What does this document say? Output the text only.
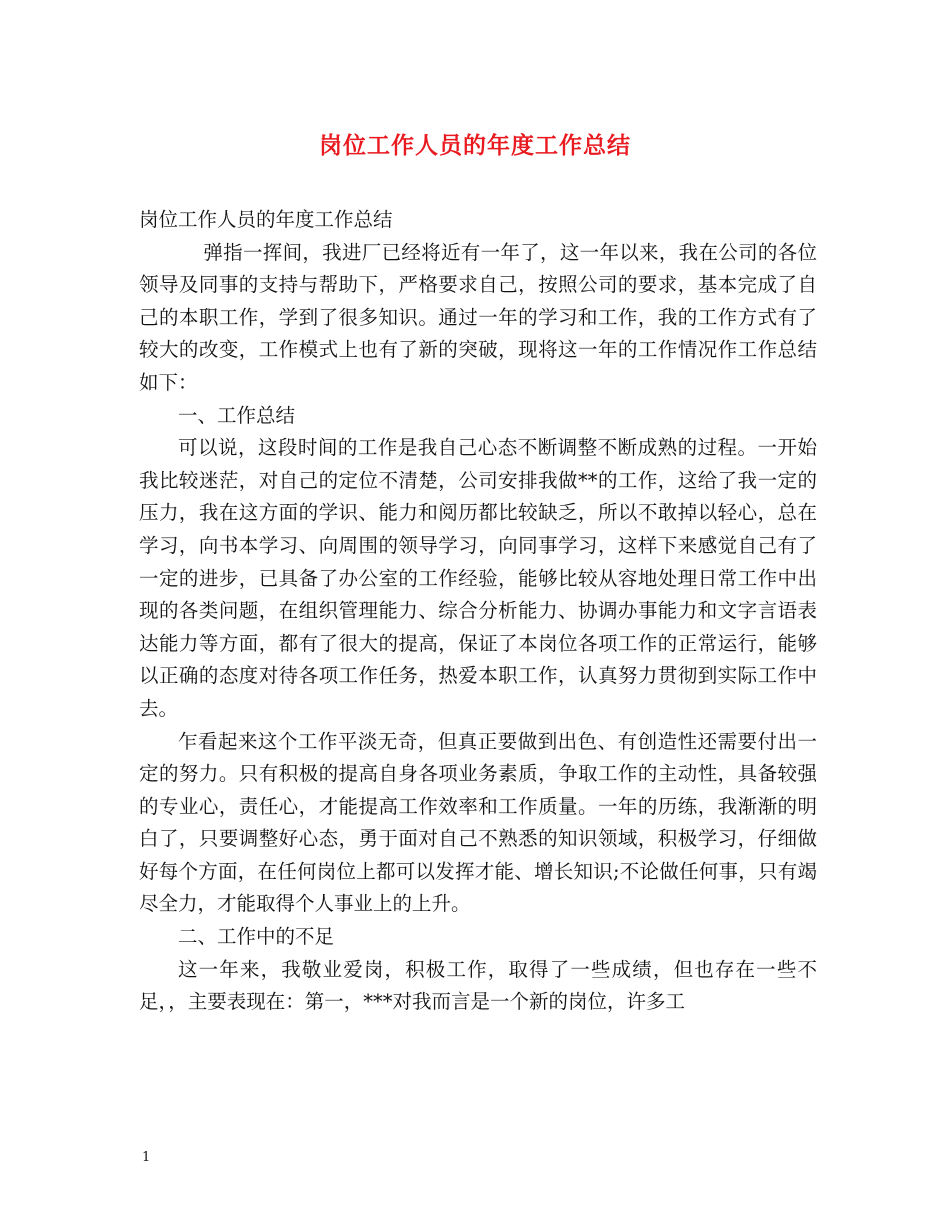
岗位工作人员的年度工作总结

岗位工作人员的年度工作总结

弹指一挥间，我进厂已经将近有一年了，这一年以来，我在公司的各位领导及同事的支持与帮助下，严格要求自己，按照公司的要求，基本完成了自己的本职工作，学到了很多知识。通过一年的学习和工作，我的工作方式有了较大的改变，工作模式上也有了新的突破，现将这一年的工作情况作工作总结如下：

一、工作总结

可以说，这段时间的工作是我自己心态不断调整不断成熟的过程。一开始我比较迷茫，对自己的定位不清楚，公司安排我做**的工作，这给了我一定的压力，我在这方面的学识、能力和阅历都比较缺乏，所以不敢掉以轻心，总在学习，向书本学习、向周围的领导学习，向同事学习，这样下来感觉自己有了一定的进步，已具备了办公室的工作经验，能够比较从容地处理日常工作中出现的各类问题，在组织管理能力、综合分析能力、协调办事能力和文字言语表达能力等方面，都有了很大的提高，保证了本岗位各项工作的正常运行，能够以正确的态度对待各项工作任务，热爱本职工作，认真努力贯彻到实际工作中去。

乍看起来这个工作平淡无奇，但真正要做到出色、有创造性还需要付出一定的努力。只有积极的提高自身各项业务素质，争取工作的主动性，具备较强的专业心，责任心，才能提高工作效率和工作质量。一年的历练，我渐渐的明白了，只要调整好心态，勇于面对自己不熟悉的知识领域，积极学习，仔细做好每个方面，在任何岗位上都可以发挥才能、增长知识;不论做任何事，只有竭尽全力，才能取得个人事业上的上升。

二、工作中的不足

这一年来，我敬业爱岗，积极工作，取得了一些成绩，但也存在一些不足，，主要表现在：第一，***对我而言是一个新的岗位，许多工

1
